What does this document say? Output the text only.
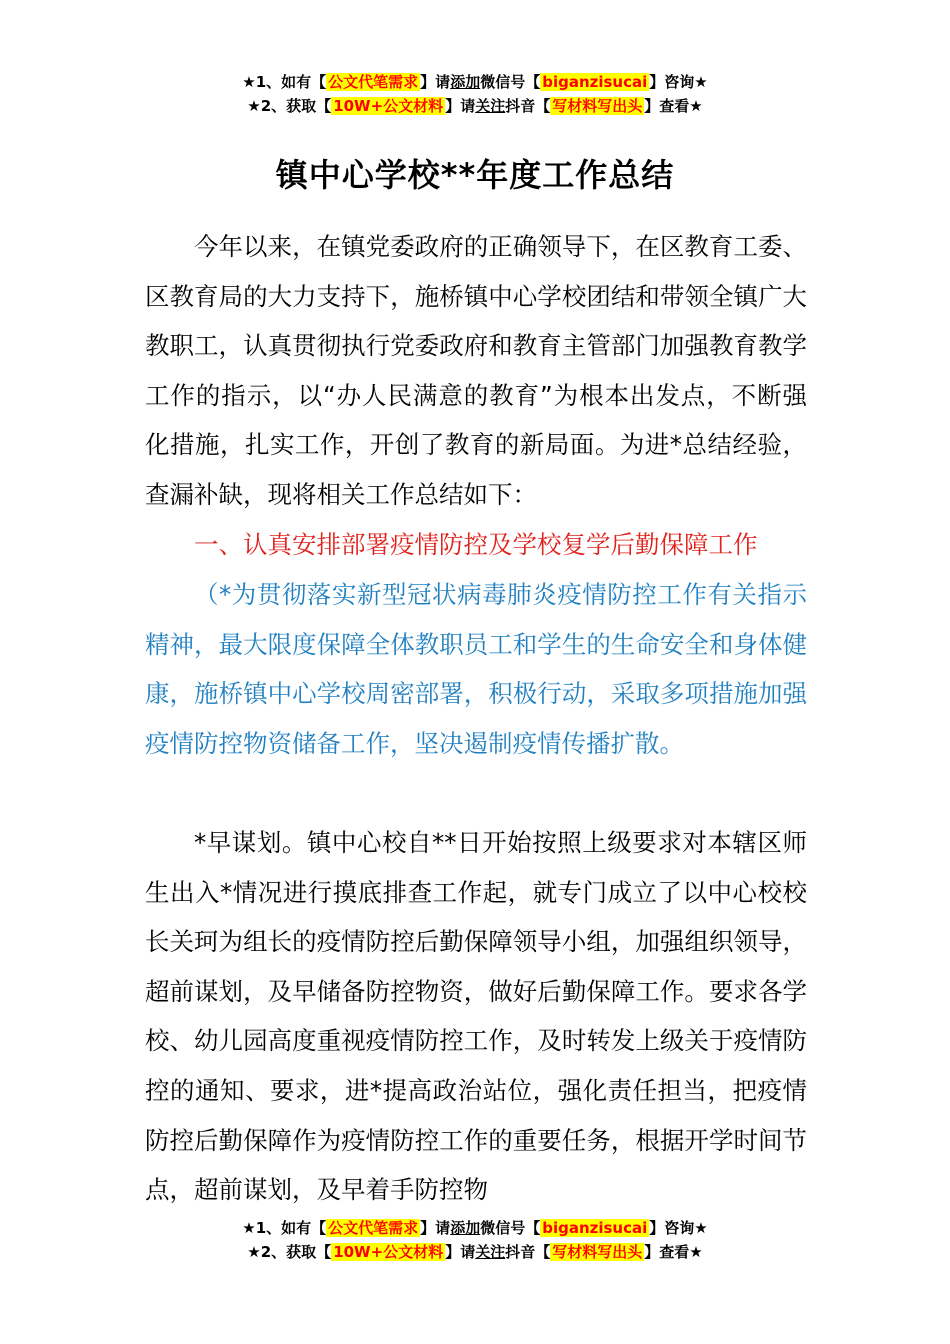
★1、如有【 公文代笔需求 】请添加微信号【 biganzisucai 】咨询★
★2、获取【 10W+公文材料 】请关注抖音【 写材料写出头 】查看★
镇中心学校**年度工作总结

今年以来，在镇党委政府的正确领导下，在区教育工委、区教育局的大力支持下，施桥镇中心学校团结和带领全镇广大教职工，认真贯彻执行党委政府和教育主管部门加强教育教学工作的指示，以“办人民满意的教育”为根本出发点，不断强化措施，扎实工作，开创了教育的新局面。为进*总结经验，查漏补缺，现将相关工作总结如下：

一、认真安排部署疫情防控及学校复学后勤保障工作

（*为贯彻落实新型冠状病毒肺炎疫情防控工作有关指示精神，最大限度保障全体教职员工和学生的生命安全和身体健康，施桥镇中心学校周密部署，积极行动，采取多项措施加强疫情防控物资储备工作，坚决遏制疫情传播扩散。

*早谋划。镇中心校自**日开始按照上级要求对本辖区师生出入*情况进行摸底排查工作起，就专门成立了以中心校校长关珂为组长的疫情防控后勤保障领导小组，加强组织领导，超前谋划，及早储备防控物资，做好后勤保障工作。要求各学校、幼儿园高度重视疫情防控工作，及时转发上级关于疫情防控的通知、要求，进*提高政治站位，强化责任担当，把疫情防控后勤保障作为疫情防控工作的重要任务，根据开学时间节点，超前谋划，及早着手防控物

★1、如有【 公文代笔需求 】请添加微信号【 biganzisucai 】咨询★
★2、获取【 10W+公文材料 】请关注抖音【 写材料写出头 】查看★
